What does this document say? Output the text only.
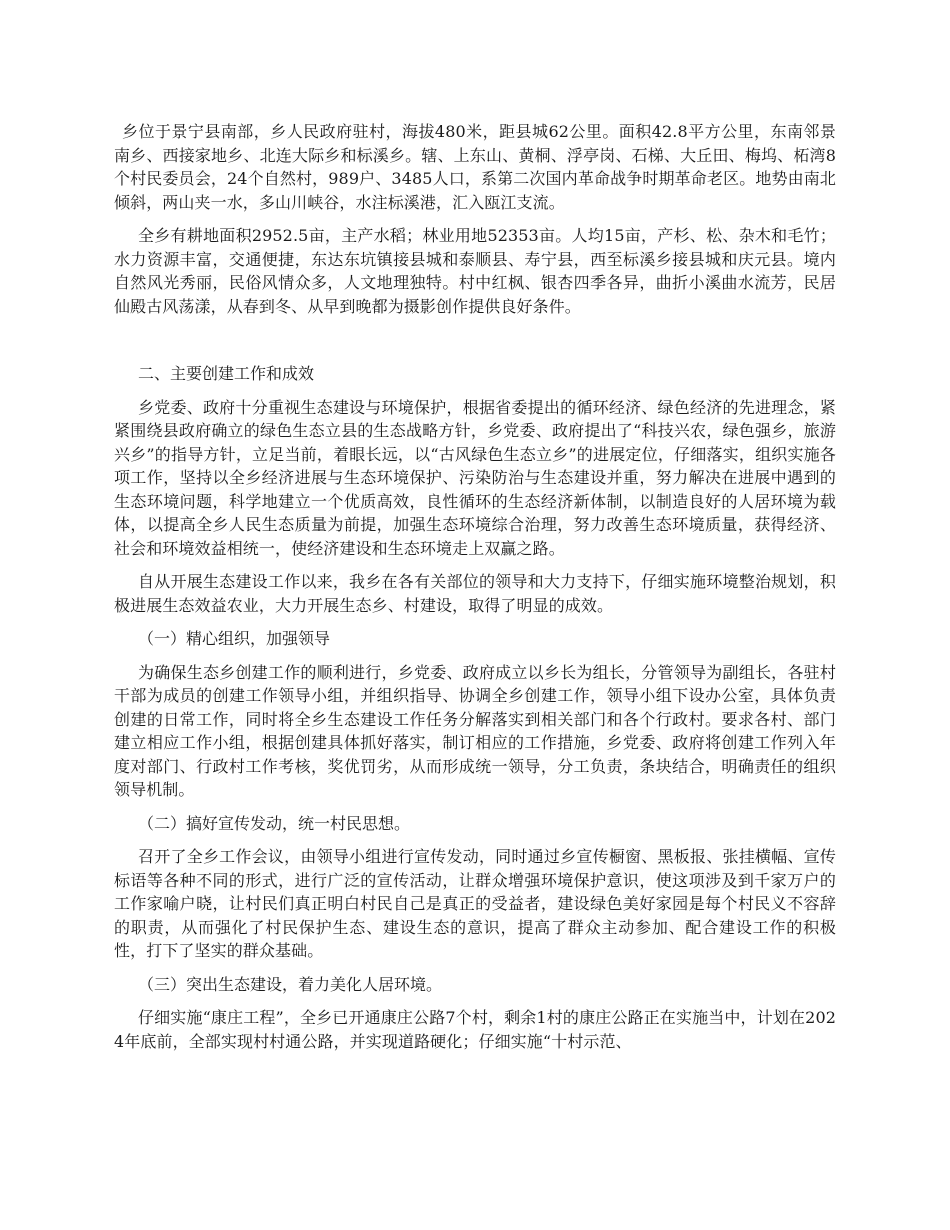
乡位于景宁县南部，乡人民政府驻村，海拔480米，距县城62公里。面积42.8平方公里，东南邻景南乡、西接家地乡、北连大际乡和标溪乡。辖、上东山、黄桐、浮亭岗、石梯、大丘田、梅坞、柘湾8个村民委员会，24个自然村，989户、3485人口，系第二次国内革命战争时期革命老区。地势由南北倾斜，两山夹一水，多山川峡谷，水注标溪港，汇入瓯江支流。

全乡有耕地面积2952.5亩，主产水稻；林业用地52353亩。人均15亩，产杉、松、杂木和毛竹；水力资源丰富，交通便捷，东达东坑镇接县城和泰顺县、寿宁县，西至标溪乡接县城和庆元县。境内自然风光秀丽，民俗风情众多，人文地理独特。村中红枫、银杏四季各异，曲折小溪曲水流芳，民居仙殿古风荡漾，从春到冬、从早到晚都为摄影创作提供良好条件。

二、主要创建工作和成效

乡党委、政府十分重视生态建设与环境保护，根据省委提出的循环经济、绿色经济的先进理念，紧紧围绕县政府确立的绿色生态立县的生态战略方针，乡党委、政府提出了“科技兴农，绿色强乡，旅游兴乡”的指导方针，立足当前，着眼长远，以“古风绿色生态立乡”的进展定位，仔细落实，组织实施各项工作，坚持以全乡经济进展与生态环境保护、污染防治与生态建设并重，努力解决在进展中遇到的生态环境问题，科学地建立一个优质高效，良性循环的生态经济新体制，以制造良好的人居环境为载体，以提高全乡人民生态质量为前提，加强生态环境综合治理，努力改善生态环境质量，获得经济、社会和环境效益相统一，使经济建设和生态环境走上双赢之路。

自从开展生态建设工作以来，我乡在各有关部位的领导和大力支持下，仔细实施环境整治规划，积极进展生态效益农业，大力开展生态乡、村建设，取得了明显的成效。

（一）精心组织，加强领导

为确保生态乡创建工作的顺利进行，乡党委、政府成立以乡长为组长，分管领导为副组长，各驻村干部为成员的创建工作领导小组，并组织指导、协调全乡创建工作，领导小组下设办公室，具体负责创建的日常工作，同时将全乡生态建设工作任务分解落实到相关部门和各个行政村。要求各村、部门建立相应工作小组，根据创建具体抓好落实，制订相应的工作措施，乡党委、政府将创建工作列入年度对部门、行政村工作考核，奖优罚劣，从而形成统一领导，分工负责，条块结合，明确责任的组织领导机制。

（二）搞好宣传发动，统一村民思想。

召开了全乡工作会议，由领导小组进行宣传发动，同时通过乡宣传橱窗、黑板报、张挂横幅、宣传标语等各种不同的形式，进行广泛的宣传活动，让群众增强环境保护意识，使这项涉及到千家万户的工作家喻户晓，让村民们真正明白村民自己是真正的受益者，建设绿色美好家园是每个村民义不容辞的职责，从而强化了村民保护生态、建设生态的意识，提高了群众主动参加、配合建设工作的积极性，打下了坚实的群众基础。

（三）突出生态建设，着力美化人居环境。

仔细实施“康庄工程”，全乡已开通康庄公路7个村，剩余1村的康庄公路正在实施当中，计划在2024年底前，全部实现村村通公路，并实现道路硬化；仔细实施“十村示范、
